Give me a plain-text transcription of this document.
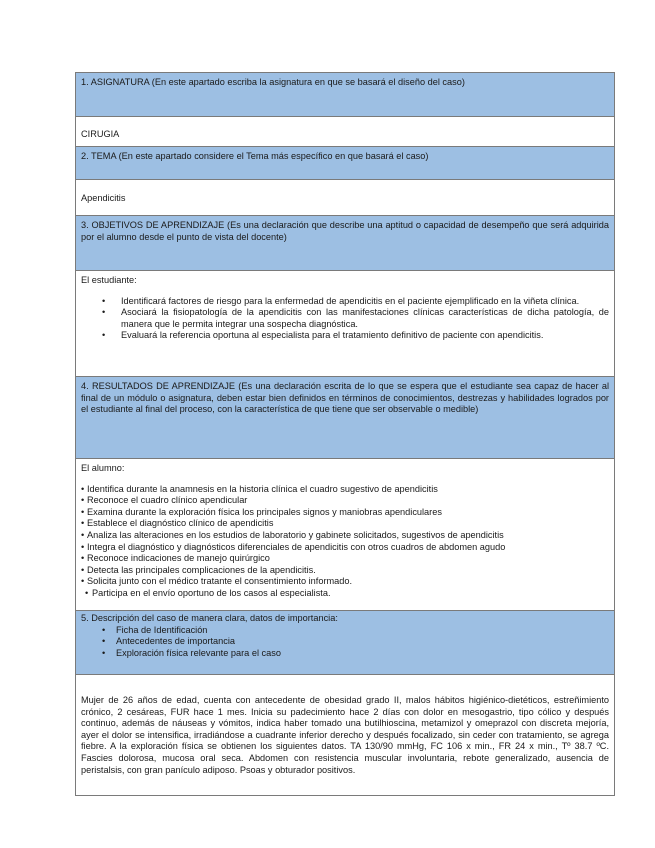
1. ASIGNATURA (En este apartado escriba la asignatura en que se basará el diseño del caso)
CIRUGIA
2. TEMA (En este apartado considere el Tema más específico en que basará el caso)
Apendicitis
3. OBJETIVOS DE APRENDIZAJE (Es una declaración que describe una aptitud o capacidad de desempeño que será adquirida por el alumno desde el punto de vista del docente)
El estudiante:
• Identificará factores de riesgo para la enfermedad de apendicitis en el paciente ejemplificado en la viñeta clínica.
• Asociará la fisiopatología de la apendicitis con las manifestaciones clínicas características de dicha patología, de manera que le permita integrar una sospecha diagnóstica.
• Evaluará la referencia oportuna al especialista para el tratamiento definitivo de paciente con apendicitis.
4. RESULTADOS DE APRENDIZAJE (Es una declaración escrita de lo que se espera que el estudiante sea capaz de hacer al final de un módulo o asignatura, deben estar bien definidos en términos de conocimientos, destrezas y habilidades logrados por el estudiante al final del proceso, con la característica de que tiene que ser observable o medible)
El alumno:
• Identifica durante la anamnesis en la historia clínica el cuadro sugestivo de apendicitis
• Reconoce el cuadro clínico apendicular
• Examina durante la exploración física los principales signos y maniobras apendiculares
• Establece el diagnóstico clínico de apendicitis
• Analiza las alteraciones en los estudios de laboratorio y gabinete solicitados, sugestivos de apendicitis
• Integra el diagnóstico y diagnósticos diferenciales de apendicitis con otros cuadros de abdomen agudo
• Reconoce indicaciones de manejo quirúrgico
• Detecta las principales complicaciones de la apendicitis.
• Solicita junto con el médico tratante el consentimiento informado.
• Participa en el envío oportuno de los casos al especialista.
5. Descripción del caso de manera clara, datos de importancia:
• Ficha de Identificación
• Antecedentes de importancia
• Exploración física relevante para el caso
Mujer de 26 años de edad, cuenta con antecedente de obesidad grado II, malos hábitos higiénico-dietéticos, estreñimiento crónico, 2 cesáreas, FUR hace 1 mes. Inicia su padecimiento hace 2 días con dolor en mesogastrio, tipo cólico y después continuo, además de náuseas y vómitos, indica haber tomado una butilhioscina, metamizol y omeprazol con discreta mejoría, ayer el dolor se intensifica, irradiándose a cuadrante inferior derecho y después focalizado, sin ceder con tratamiento, se agrega fiebre. A la exploración física se obtienen los siguientes datos. TA 130/90 mmHg, FC 106 x min., FR 24 x min., Tº 38.7 ºC. Fascies dolorosa, mucosa oral seca. Abdomen con resistencia muscular involuntaria, rebote generalizado, ausencia de peristalsis, con gran panículo adiposo. Psoas y obturador positivos.
